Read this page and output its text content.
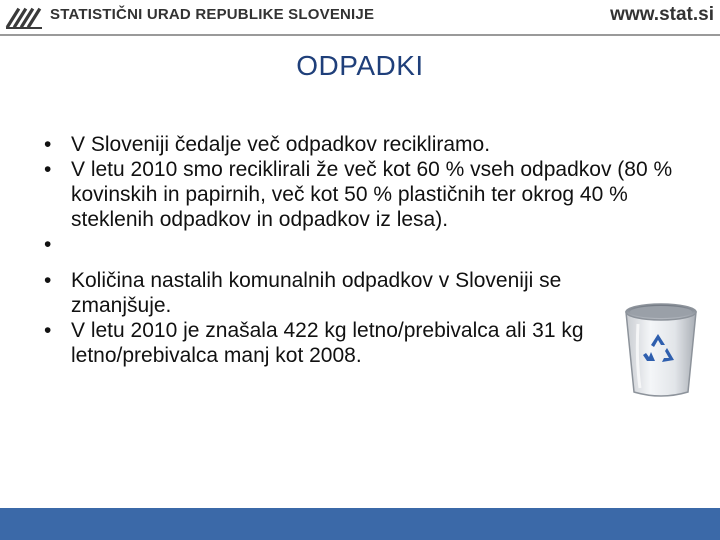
STATISTIČNI URAD REPUBLIKE SLOVENIJE	www.stat.si
ODPADKI
• V Sloveniji čedalje več odpadkov recikliramo.
• V letu 2010 smo reciklirali že več kot 60 % vseh odpadkov (80 % kovinskih in papirnih, več kot 50 % plastičnih ter okrog 40 % steklenih odpadkov in odpadkov iz lesa).
•
• Količina nastalih komunalnih odpadkov v Sloveniji se zmanjšuje.
• V letu 2010 je znašala 422 kg letno/prebivalca ali 31 kg letno/prebivalca manj kot 2008.
